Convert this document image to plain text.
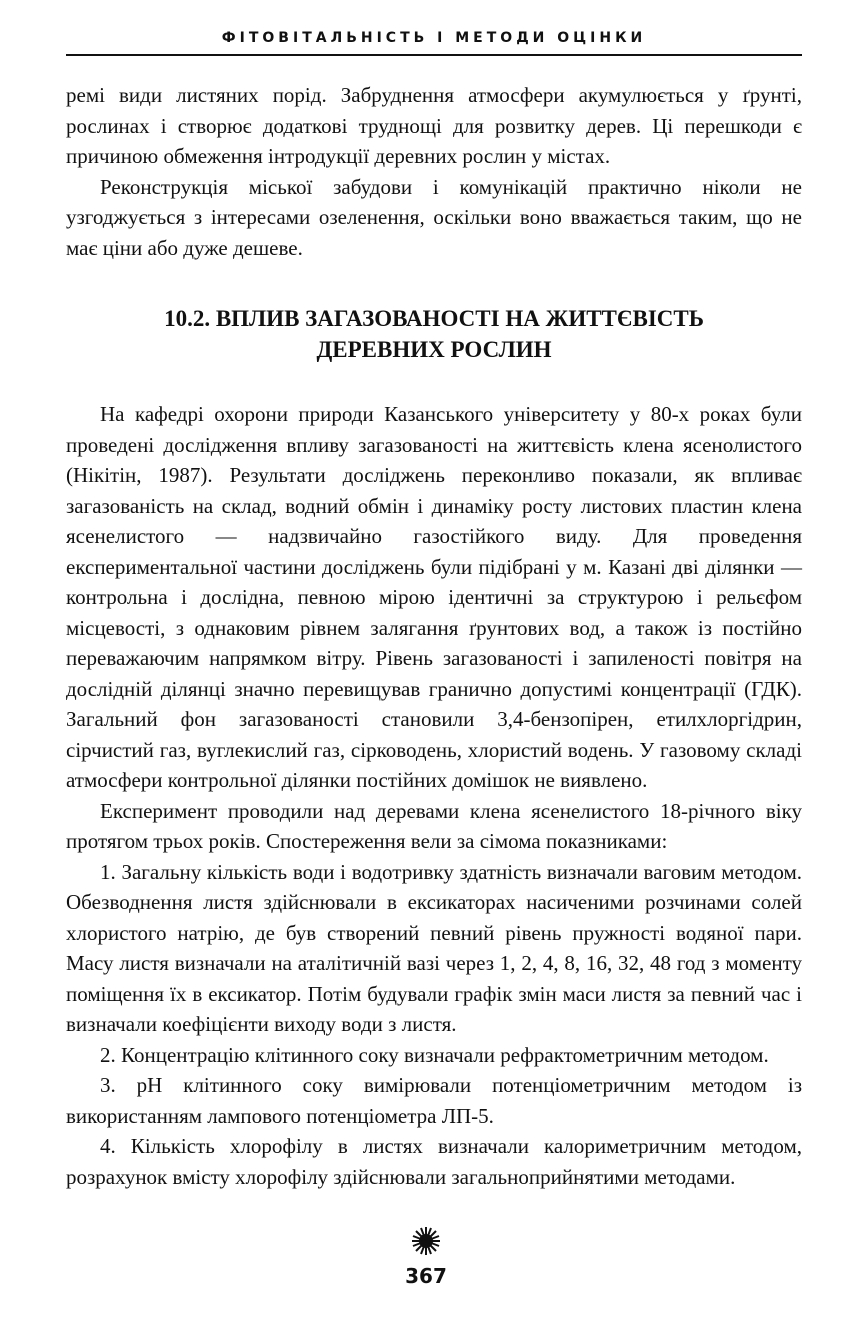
ФІТОВІТАЛЬНІСТЬ І МЕТОДИ ОЦІНКИ

ремі види листяних порід. Забруднення атмосфери акумулюється у ґрунті, рослинах і створює додаткові труднощі для розвитку дерев. Ці перешкоди є причиною обмеження інтродукції деревних рослин у містах.

Реконструкція міської забудови і комунікацій практично ніколи не узгоджується з інтересами озеленення, оскільки воно вважається таким, що не має ціни або дуже дешеве.

10.2. ВПЛИВ ЗАГАЗОВАНОСТІ НА ЖИТТЄВІСТЬ
ДЕРЕВНИХ РОСЛИН

На кафедрі охорони природи Казанського університету у 80-х роках були проведені дослідження впливу загазованості на життєвість клена ясенолистого (Нікітін, 1987). Результати досліджень переконливо показали, як впливає загазованість на склад, водний обмін і динаміку росту листових пластин клена ясенелистого — надзвичайно газостійкого виду. Для проведення експериментальної частини досліджень були підібрані у м. Казані дві ділянки — контрольна і дослідна, певною мірою ідентичні за структурою і рельєфом місцевості, з однаковим рівнем залягання ґрунтових вод, а також із постійно переважаючим напрямком вітру. Рівень загазованості і запиленості повітря на дослідній ділянці значно перевищував гранично допустимі концентрації (ГДК). Загальний фон загазованості становили 3,4-бензопірен, етилхлоргідрин, сірчистий газ, вуглекислий газ, сірководень, хлористий водень. У газовому складі атмосфери контрольної ділянки постійних домішок не виявлено.

Експеримент проводили над деревами клена ясенелистого 18-річного віку протягом трьох років. Спостереження вели за сімома показниками:

1. Загальну кількість води і водотривку здатність визначали ваговим методом. Обезводнення листя здійснювали в ексикаторах насиченими розчинами солей хлористого натрію, де був створений певний рівень пружності водяної пари. Масу листя визначали на аталітичній вазі через 1, 2, 4, 8, 16, 32, 48 год з моменту поміщення їх в ексикатор. Потім будували графік змін маси листя за певний час і визначали коефіцієнти виходу води з листя.

2. Концентрацію клітинного соку визначали рефрактометричним методом.

3. рН клітинного соку вимірювали потенціометричним методом із використанням лампового потенціометра ЛП-5.

4. Кількість хлорофілу в листях визначали калориметричним методом, розрахунок вмісту хлорофілу здійснювали загальноприйнятими методами.

367
